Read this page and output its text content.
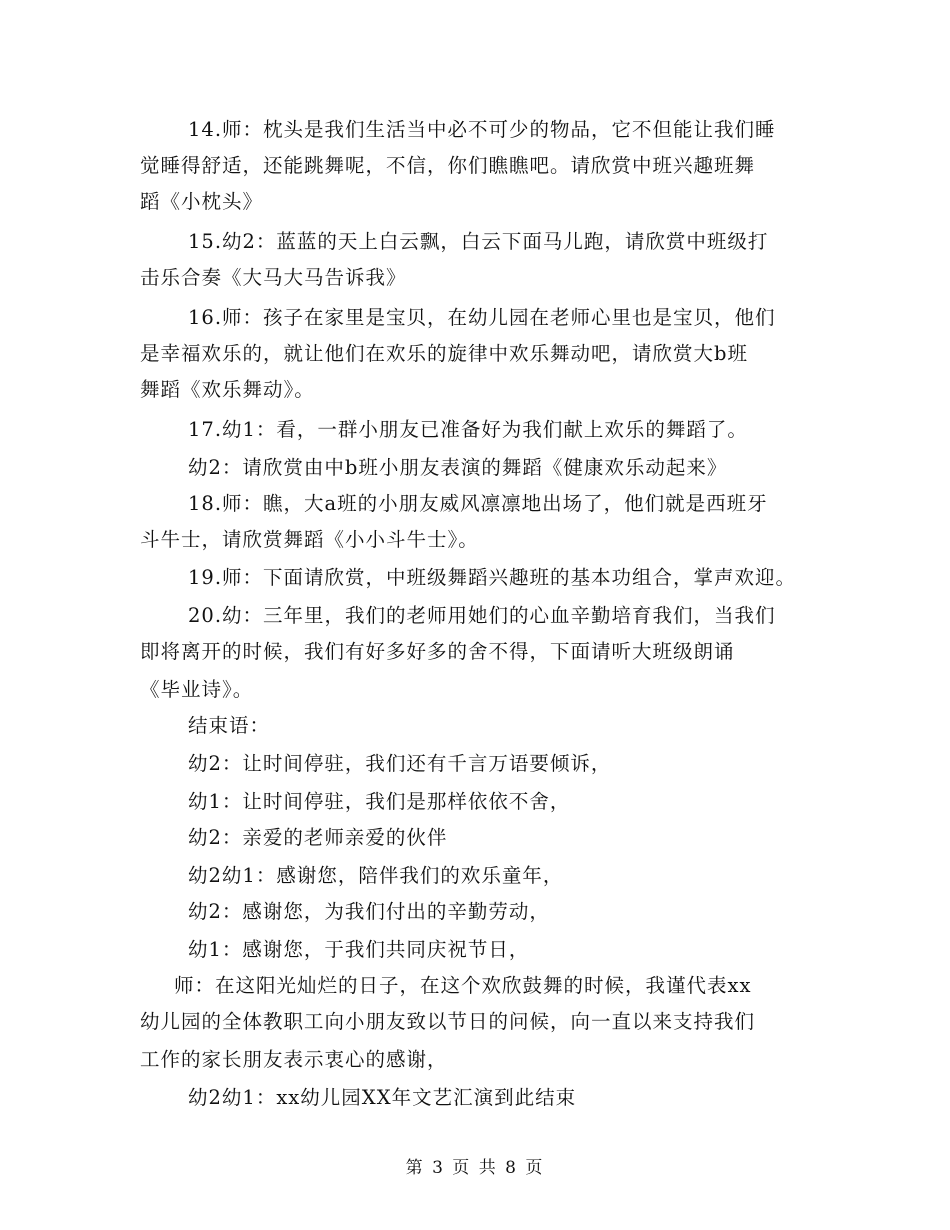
14.师：枕头是我们生活当中必不可少的物品，它不但能让我们睡
觉睡得舒适，还能跳舞呢，不信，你们瞧瞧吧。请欣赏中班兴趣班舞
蹈《小枕头》
15.幼2：蓝蓝的天上白云飘，白云下面马儿跑，请欣赏中班级打
击乐合奏《大马大马告诉我》
16.师：孩子在家里是宝贝，在幼儿园在老师心里也是宝贝，他们
是幸福欢乐的，就让他们在欢乐的旋律中欢乐舞动吧，请欣赏大b班
舞蹈《欢乐舞动》。
17.幼1：看，一群小朋友已准备好为我们献上欢乐的舞蹈了。
幼2：请欣赏由中b班小朋友表演的舞蹈《健康欢乐动起来》
18.师：瞧，大a班的小朋友威风凛凛地出场了，他们就是西班牙
斗牛士，请欣赏舞蹈《小小斗牛士》。
19.师：下面请欣赏，中班级舞蹈兴趣班的基本功组合，掌声欢迎。
20.幼：三年里，我们的老师用她们的心血辛勤培育我们，当我们
即将离开的时候，我们有好多好多的舍不得，下面请听大班级朗诵
《毕业诗》。
结束语：
幼2：让时间停驻，我们还有千言万语要倾诉，
幼1：让时间停驻，我们是那样依依不舍，
幼2：亲爱的老师亲爱的伙伴
幼2幼1：感谢您，陪伴我们的欢乐童年，
幼2：感谢您，为我们付出的辛勤劳动，
幼1：感谢您，于我们共同庆祝节日，
师：在这阳光灿烂的日子，在这个欢欣鼓舞的时候，我谨代表xx
幼儿园的全体教职工向小朋友致以节日的问候，向一直以来支持我们
工作的家长朋友表示衷心的感谢，
幼2幼1：xx幼儿园XX年文艺汇演到此结束
第 3 页 共 8 页
